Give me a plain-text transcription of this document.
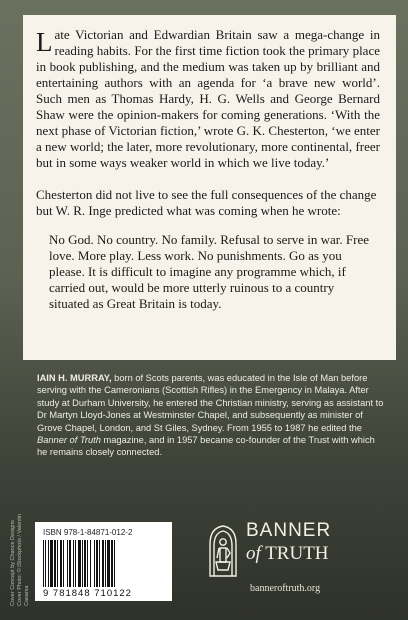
Late Victorian and Edwardian Britain saw a mega-change in reading habits. For the first time fiction took the primary place in book publishing, and the medium was taken up by brilliant and entertaining authors with an agenda for ‘a brave new world’. Such men as Thomas Hardy, H. G. Wells and George Bernard Shaw were the opinion-makers for coming generations. ‘With the next phase of Victorian fiction,’ wrote G. K. Chesterton, ‘we enter a new world; the later, more revolutionary, more continental, freer but in some ways weaker world in which we live today.’

Chesterton did not live to see the full consequences of the change but W. R. Inge predicted what was coming when he wrote:

No God. No country. No family. Refusal to serve in war. Free love. More play. Less work. No punishments. Go as you please. It is difficult to imagine any programme which, if carried out, would be more utterly ruinous to a country situated as Great Britain is today.

IAIN H. MURRAY, born of Scots parents, was educated in the Isle of Man before serving with the Cameronians (Scottish Rifles) in the Emergency in Malaya. After study at Durham University, he entered the Christian ministry, serving as assistant to Dr Martyn Lloyd-Jones at Westminster Chapel, and subsequently as minister of Grove Chapel, London, and St Giles, Sydney. From 1955 to 1987 he edited the Banner of Truth magazine, and in 1957 became co-founder of the Trust with which he remains closely connected.
ISBN 978-1-84871-012-2
9 781848 710122
BANNER
of TRUTH
banneroftruth.org
Cover Concept by Chance Designs Cover Photo: © iStockphoto / Valentin Casarsa
